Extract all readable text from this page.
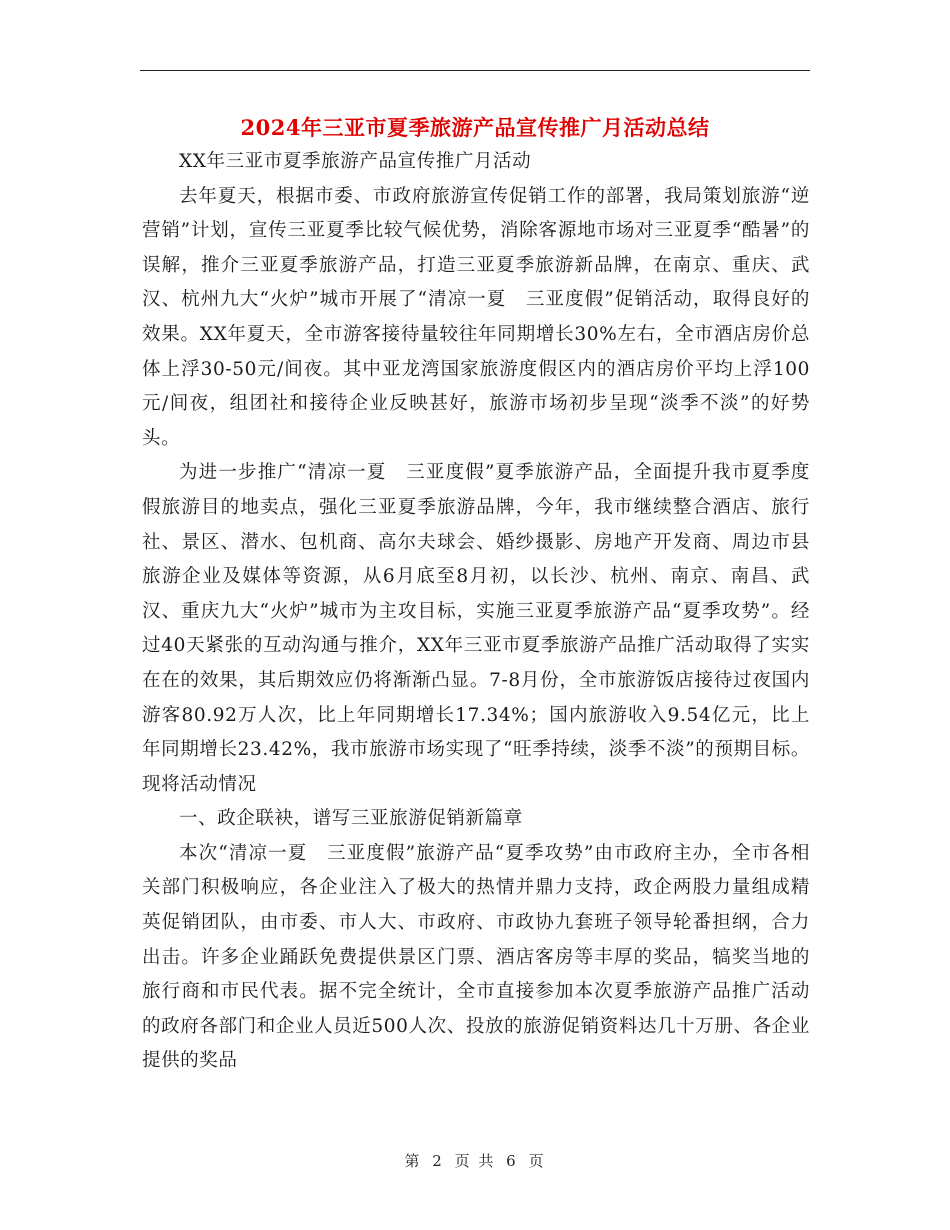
2024年三亚市夏季旅游产品宣传推广月活动总结

XX年三亚市夏季旅游产品宣传推广月活动

去年夏天，根据市委、市政府旅游宣传促销工作的部署，我局策划旅游“逆营销”计划，宣传三亚夏季比较气候优势，消除客源地市场对三亚夏季“酷暑”的误解，推介三亚夏季旅游产品，打造三亚夏季旅游新品牌，在南京、重庆、武汉、杭州九大“火炉”城市开展了“清凉一夏　三亚度假”促销活动，取得良好的效果。XX年夏天，全市游客接待量较往年同期增长30%左右，全市酒店房价总体上浮30-50元/间夜。其中亚龙湾国家旅游度假区内的酒店房价平均上浮100元/间夜，组团社和接待企业反映甚好，旅游市场初步呈现“淡季不淡”的好势头。

为进一步推广“清凉一夏　三亚度假”夏季旅游产品，全面提升我市夏季度假旅游目的地卖点，强化三亚夏季旅游品牌，今年，我市继续整合酒店、旅行社、景区、潜水、包机商、高尔夫球会、婚纱摄影、房地产开发商、周边市县旅游企业及媒体等资源，从6月底至8月初，以长沙、杭州、南京、南昌、武汉、重庆九大“火炉”城市为主攻目标，实施三亚夏季旅游产品“夏季攻势”。经过40天紧张的互动沟通与推介，XX年三亚市夏季旅游产品推广活动取得了实实在在的效果，其后期效应仍将渐渐凸显。7-8月份，全市旅游饭店接待过夜国内游客80.92万人次，比上年同期增长17.34%；国内旅游收入9.54亿元，比上年同期增长23.42%，我市旅游市场实现了“旺季持续，淡季不淡”的预期目标。现将活动情况

一、政企联袂，谱写三亚旅游促销新篇章

本次“清凉一夏　三亚度假”旅游产品“夏季攻势”由市政府主办，全市各相关部门积极响应，各企业注入了极大的热情并鼎力支持，政企两股力量组成精英促销团队，由市委、市人大、市政府、市政协九套班子领导轮番担纲，合力出击。许多企业踊跃免费提供景区门票、酒店客房等丰厚的奖品，犒奖当地的旅行商和市民代表。据不完全统计，全市直接参加本次夏季旅游产品推广活动的政府各部门和企业人员近500人次、投放的旅游促销资料达几十万册、各企业提供的奖品

第 2 页 共 6 页
